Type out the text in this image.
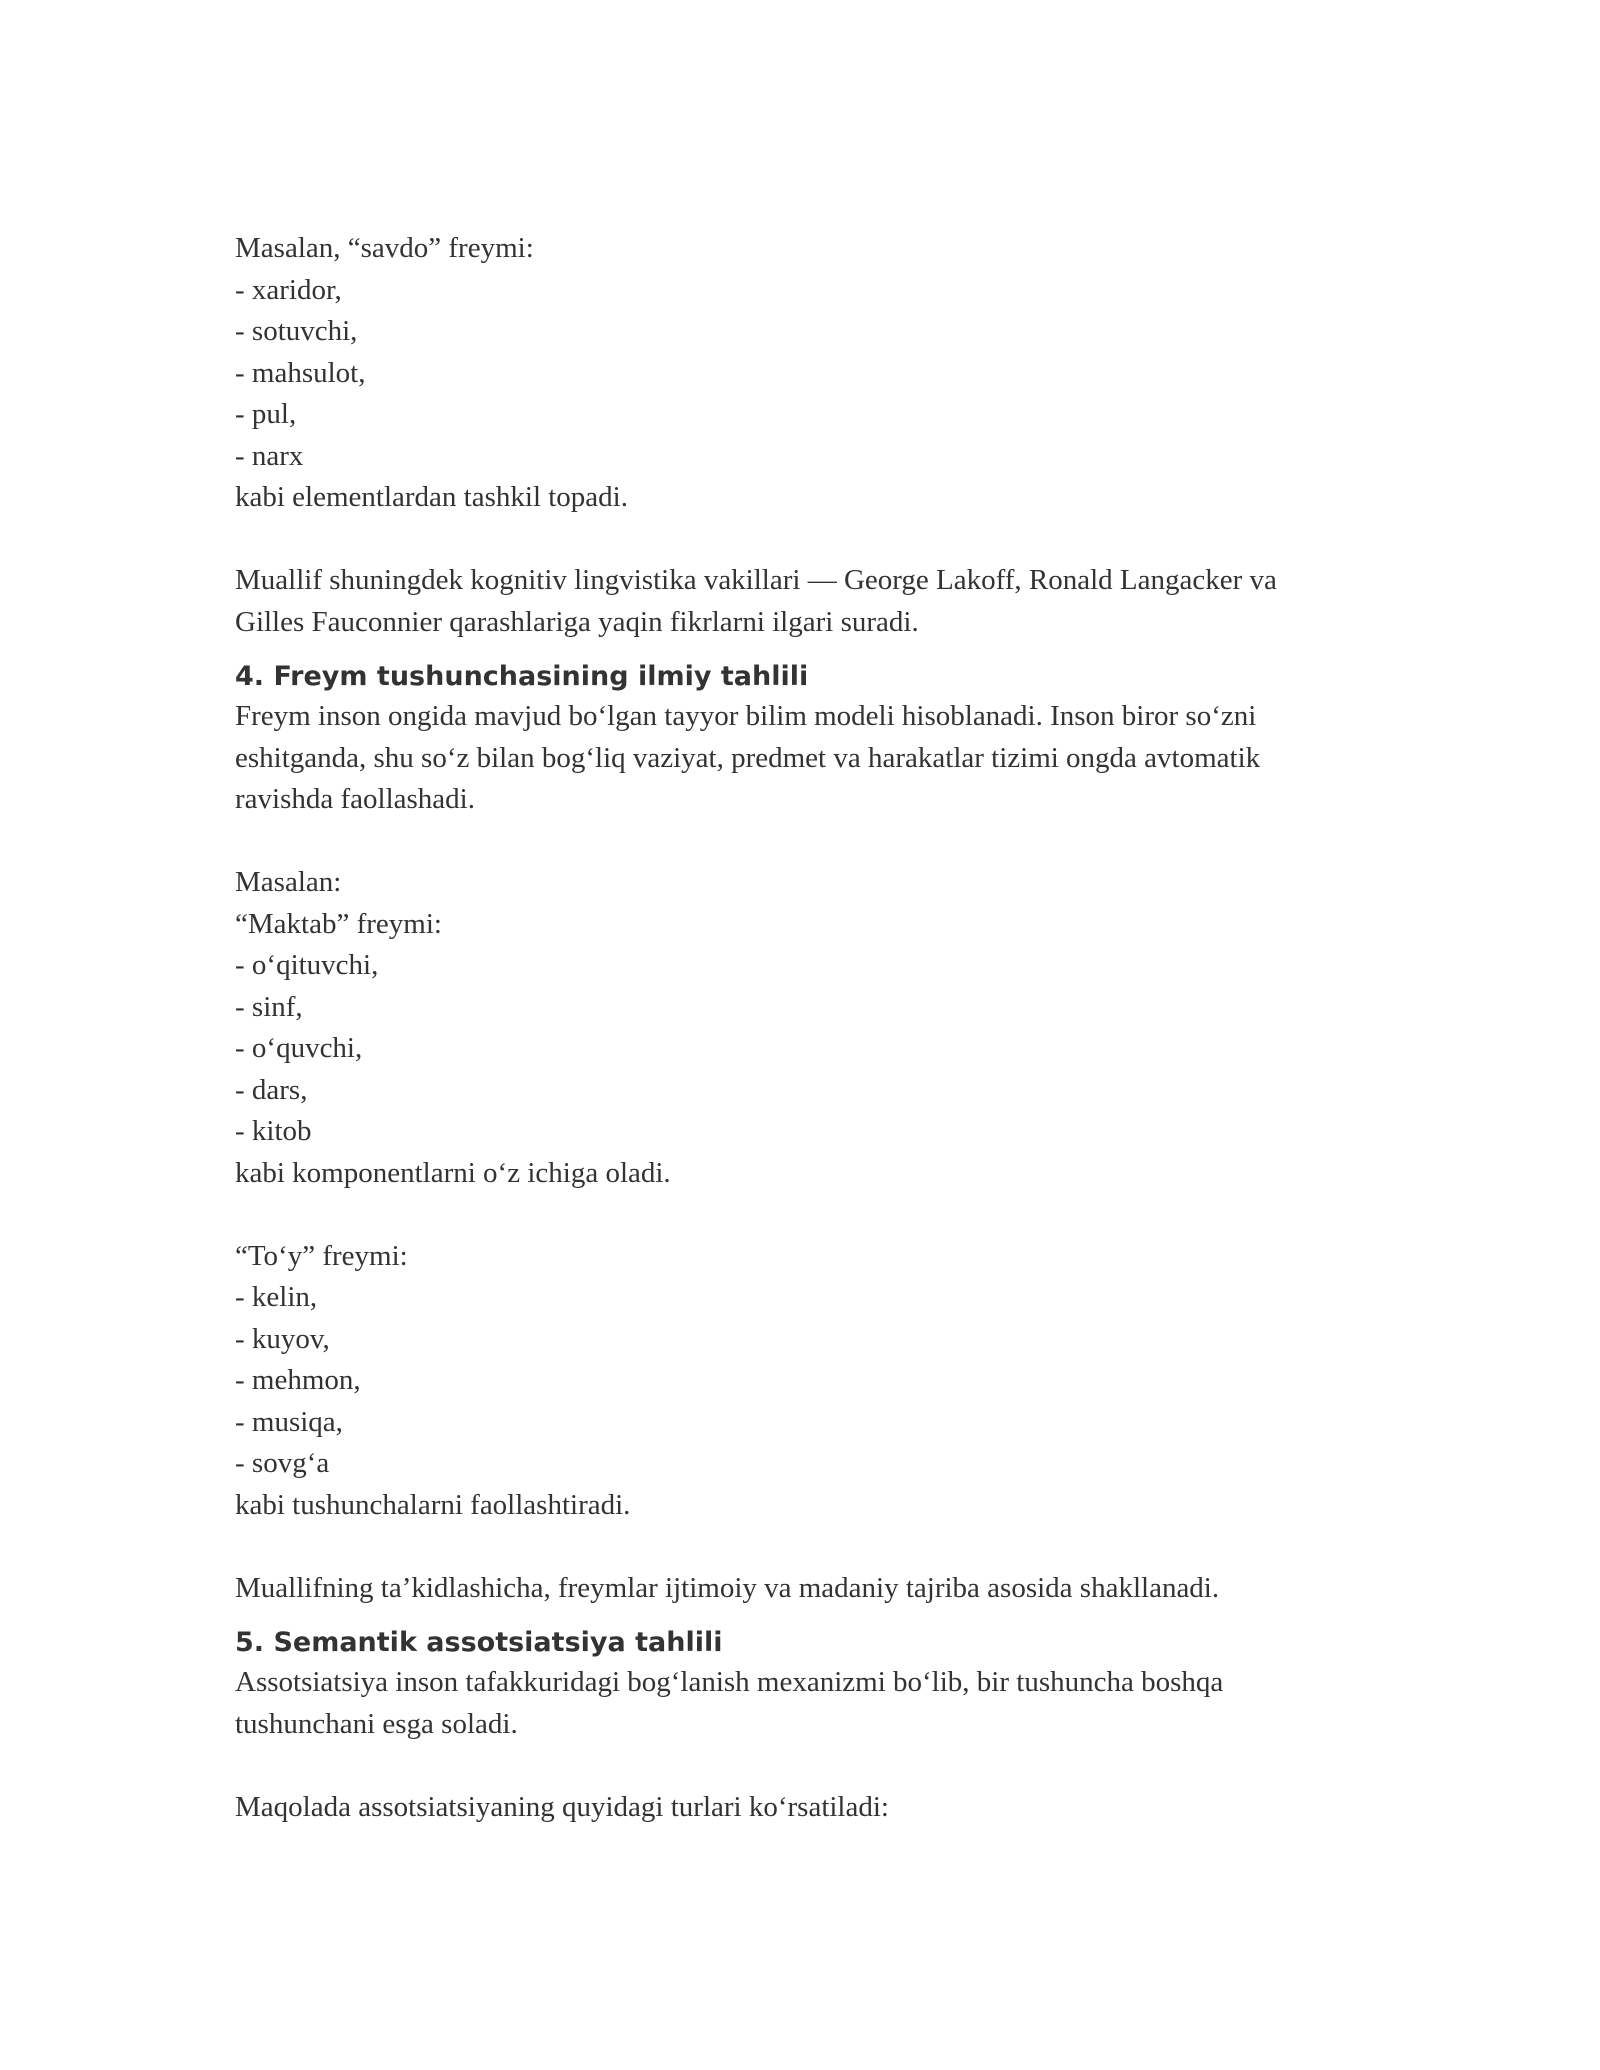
Masalan, “savdo” freymi:
- xaridor,
- sotuvchi,
- mahsulot,
- pul,
- narx
kabi elementlardan tashkil topadi.
Muallif shuningdek kognitiv lingvistika vakillari — George Lakoff, Ronald Langacker va
Gilles Fauconnier qarashlariga yaqin fikrlarni ilgari suradi.
4. Freym tushunchasining ilmiy tahlili
Freym inson ongida mavjud bo‘lgan tayyor bilim modeli hisoblanadi. Inson biror so‘zni
eshitganda, shu so‘z bilan bog‘liq vaziyat, predmet va harakatlar tizimi ongda avtomatik
ravishda faollashadi.
Masalan:
“Maktab” freymi:
- o‘qituvchi,
- sinf,
- o‘quvchi,
- dars,
- kitob
kabi komponentlarni o‘z ichiga oladi.
“To‘y” freymi:
- kelin,
- kuyov,
- mehmon,
- musiqa,
- sovg‘a
kabi tushunchalarni faollashtiradi.
Muallifning ta’kidlashicha, freymlar ijtimoiy va madaniy tajriba asosida shakllanadi.
5. Semantik assotsiatsiya tahlili
Assotsiatsiya inson tafakkuridagi bog‘lanish mexanizmi bo‘lib, bir tushuncha boshqa
tushunchani esga soladi.
Maqolada assotsiatsiyaning quyidagi turlari ko‘rsatiladi:
